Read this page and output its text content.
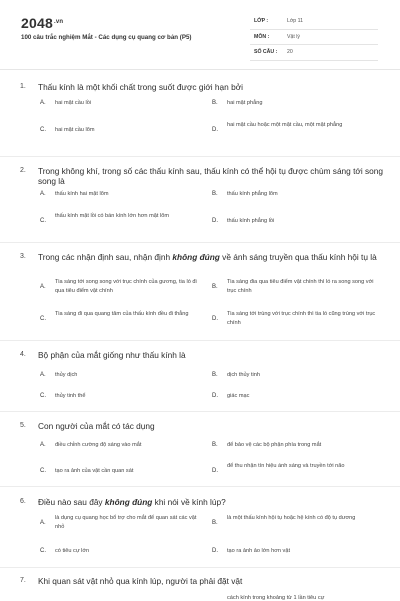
$2048^{.vn}$
100 câu trắc nghiệm Mắt - Các dụng cụ quang cơ bản (P5)
LỚP :	Lớp 11
MÔN :	Vật lý
SỐ CÂU :	20
1. Thấu kính là một khối chất trong suốt được giới hạn bởi
A. hai mặt cầu lồi	B. hai mặt phẳng
C. hai mặt cầu lõm	D.
hai mặt cầu hoặc một mặt cầu, một mặt phẳng
2. Trong không khí, trong số các thấu kính sau, thấu kính có thể hội tụ được chùm sáng tới song song là
A. thấu kính hai mặt lõm	B. thấu kính phẳng lõm
C.
thấu kính mặt lồi có bán kính lớn hơn mặt lõm
D. thấu kính phẳng lồi
3. Trong các nhận định sau, nhận định không đúng về ánh sáng truyền qua thấu kính hội tụ là
A.
Tia sáng tới song song với trục chính của gương, tia ló đi qua tiêu điểm vật chính
B.
Tia sáng đia qua tiêu điểm vật chính thì ló ra song song với trục chính
C.
Tia sáng đi qua quang tâm của thấu kính đều đi thẳng
D.
Tia sáng tới trùng với trục chính thì tia ló cũng trùng với trục chính
4. Bộ phận của mắt giống như thấu kính là
A. thủy dịch	B. dịch thủy tinh
C. thủy tinh thể	D. giác mạc
5. Con người của mắt có tác dụng
A. điều chỉnh cường độ sáng vào mắt	B. để bảo vệ các bộ phận phía trong mắt
C. tạo ra ảnh của vật cần quan sát	D.
để thu nhận tín hiệu ánh sáng và truyền tới não
6. Điều nào sau đây không đúng khi nói về kính lúp?
A.
là dụng cụ quang học bổ trợ cho mắt để quan sát các vật nhỏ
B.
là một thấu kính hội tụ hoặc hệ kính có độ tụ dương
C. có tiêu cự lớn	D. tạo ra ảnh ảo lớn hơn vật
7. Khi quan sát vật nhỏ qua kính lúp, người ta phải đặt vật
cách kính trong khoảng từ 1 lần tiêu cự
